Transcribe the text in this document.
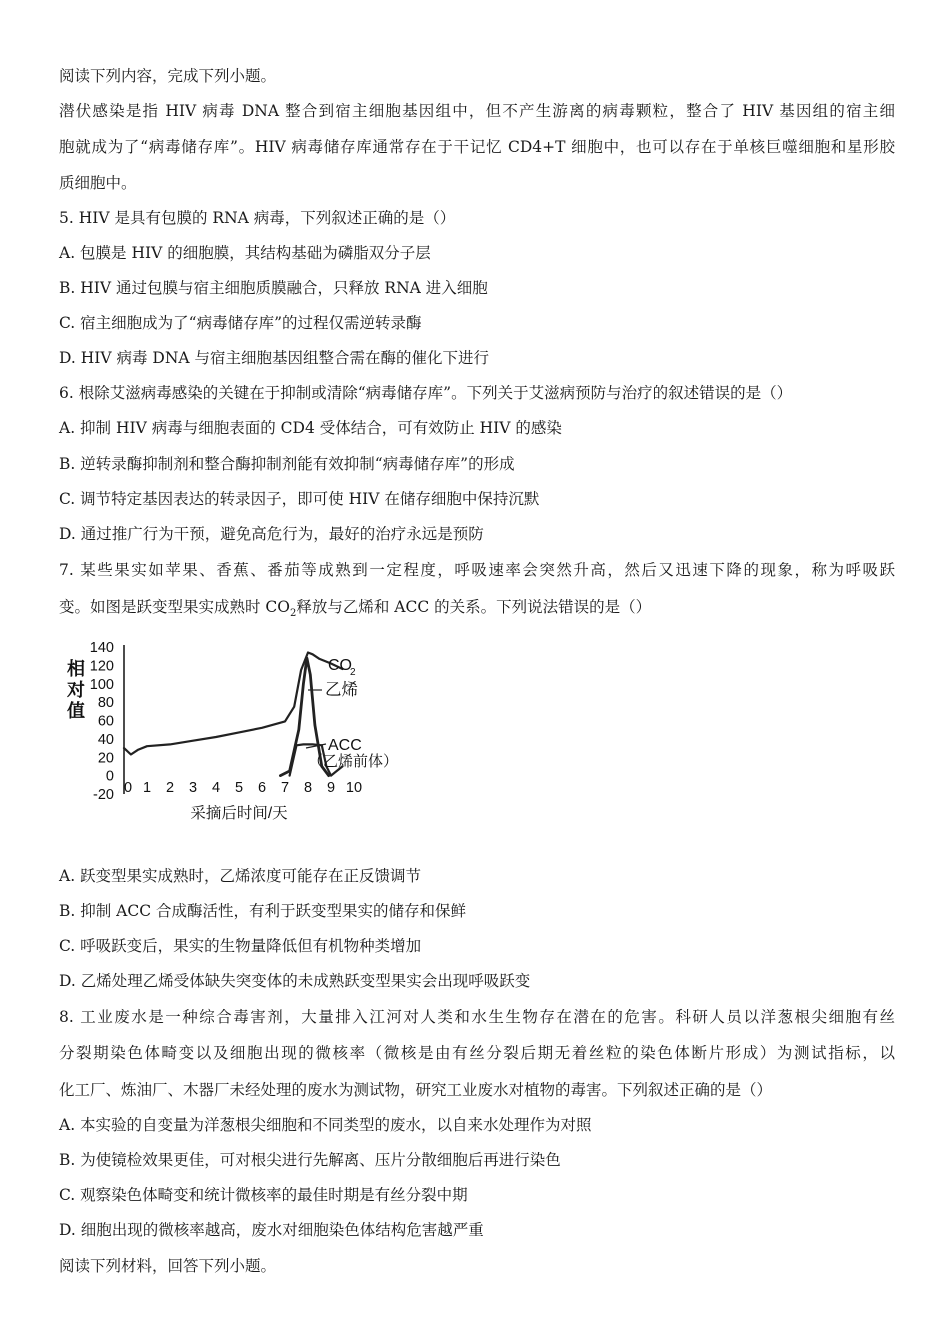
阅读下列内容，完成下列小题。
潜伏感染是指 HIV 病毒 DNA 整合到宿主细胞基因组中，但不产生游离的病毒颗粒，整合了 HIV 基因组的宿主细
胞就成为了“病毒储存库”。HIV 病毒储存库通常存在于干记忆 CD4+T 细胞中，也可以存在于单核巨噬细胞和星形胶
质细胞中。
5. HIV 是具有包膜的 RNA 病毒，下列叙述正确的是（）
A. 包膜是 HIV 的细胞膜，其结构基础为磷脂双分子层
B. HIV 通过包膜与宿主细胞质膜融合，只释放 RNA 进入细胞
C. 宿主细胞成为了“病毒储存库”的过程仅需逆转录酶
D. HIV 病毒 DNA 与宿主细胞基因组整合需在酶的催化下进行
6. 根除艾滋病毒感染的关键在于抑制或清除“病毒储存库”。下列关于艾滋病预防与治疗的叙述错误的是（）
A. 抑制 HIV 病毒与细胞表面的 CD4 受体结合，可有效防止 HIV 的感染
B. 逆转录酶抑制剂和整合酶抑制剂能有效抑制“病毒储存库”的形成
C. 调节特定基因表达的转录因子，即可使 HIV 在储存细胞中保持沉默
D. 通过推广行为干预，避免高危行为，最好的治疗永远是预防
7. 某些果实如苹果、香蕉、番茄等成熟到一定程度，呼吸速率会突然升高，然后又迅速下降的现象，称为呼吸跃
变。如图是跃变型果实成熟时 $CO_2$释放与乙烯和 ACC 的关系。下列说法错误的是（）
相
对
值
140
120
100
80
60
40
20
0
-20 0 1 2 3 4 5 6 7 8 9 10
CO
2
乙烯
ACC
（乙烯前体）
采摘后时间/天
A. 跃变型果实成熟时，乙烯浓度可能存在正反馈调节
B. 抑制 ACC 合成酶活性，有利于跃变型果实的储存和保鲜
C. 呼吸跃变后，果实的生物量降低但有机物种类增加
D. 乙烯处理乙烯受体缺失突变体的未成熟跃变型果实会出现呼吸跃变
8. 工业废水是一种综合毒害剂，大量排入江河对人类和水生生物存在潜在的危害。科研人员以洋葱根尖细胞有丝
分裂期染色体畸变以及细胞出现的微核率（微核是由有丝分裂后期无着丝粒的染色体断片形成）为测试指标，以
化工厂、炼油厂、木器厂未经处理的废水为测试物，研究工业废水对植物的毒害。下列叙述正确的是（）
A. 本实验的自变量为洋葱根尖细胞和不同类型的废水，以自来水处理作为对照
B. 为使镜检效果更佳，可对根尖进行先解离、压片分散细胞后再进行染色
C. 观察染色体畸变和统计微核率的最佳时期是有丝分裂中期
D. 细胞出现的微核率越高，废水对细胞染色体结构危害越严重
阅读下列材料，回答下列小题。
